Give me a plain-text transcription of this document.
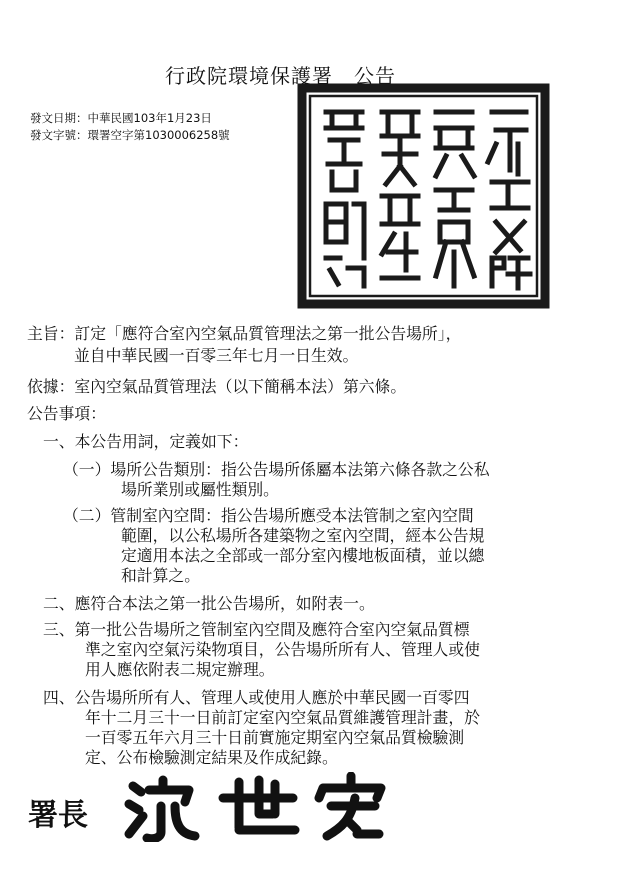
行政院環境保護署　公告
發文日期：中華民國103年1月23日
發文字號：環署空字第1030006258號
主旨：訂定「應符合室內空氣品質管理法之第一批公告場所」，
並自中華民國一百零三年七月一日生效。
依據：室內空氣品質管理法（以下簡稱本法）第六條。
公告事項：
一、本公告用詞，定義如下：
（一）場所公告類別：指公告場所係屬本法第六條各款之公私
場所業別或屬性類別。
（二）管制室內空間：指公告場所應受本法管制之室內空間
範圍，以公私場所各建築物之室內空間，經本公告規
定適用本法之全部或一部分室內樓地板面積，並以總
和計算之。
二、應符合本法之第一批公告場所，如附表一。
三、第一批公告場所之管制室內空間及應符合室內空氣品質標
準之室內空氣污染物項目，公告場所所有人、管理人或使
用人應依附表二規定辦理。
四、公告場所所有人、管理人或使用人應於中華民國一百零四
年十二月三十一日前訂定室內空氣品質維護管理計畫，於
一百零五年六月三十日前實施定期室內空氣品質檢驗測
定、公布檢驗測定結果及作成紀錄。
署長
